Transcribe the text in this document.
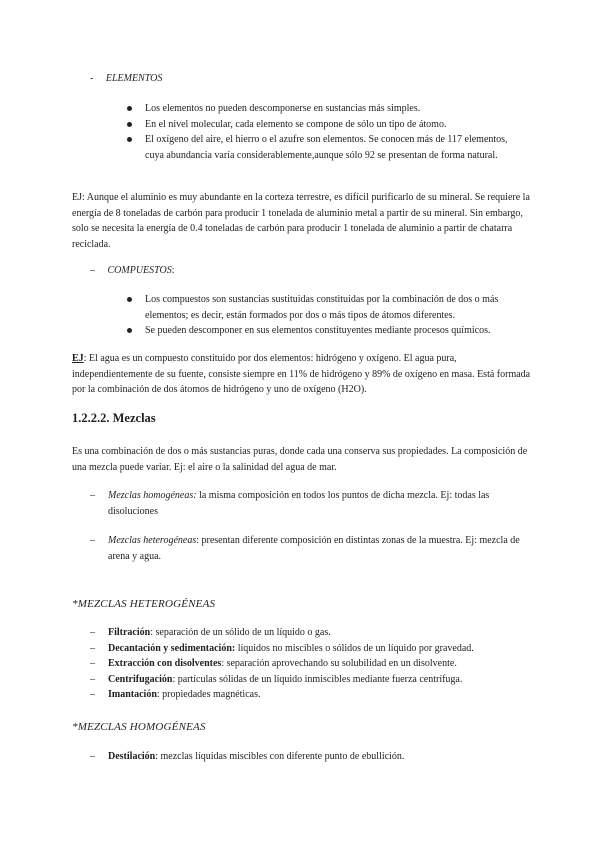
- ELEMENTOS
Los elementos no pueden descomponerse en sustancias más simples.
En el nivel molecular, cada elemento se compone de sólo un tipo de átomo.
El oxígeno del aire, el hierro o el azufre son elementos. Se conocen más de 117 elementos, cuya abundancia varía considerablemente,aunque sólo 92 se presentan de forma natural.

EJ: Aunque el aluminio es muy abundante en la corteza terrestre, es difícil purificarlo de su mineral. Se requiere la energía de 8 toneladas de carbón para producir 1 tonelada de aluminio metal a partir de su mineral. Sin embargo, solo se necesita la energía de 0.4 toneladas de carbón para producir 1 tonelada de aluminio a partir de chatarra reciclada.

– COMPUESTOS:
Los compuestos son sustancias sustituidas constituidas por la combinación de dos o más elementos; es decir, están formados por dos o más tipos de átomos diferentes.
Se pueden descomponer en sus elementos constituyentes mediante procesos químicos.

EJ: El agua es un compuesto constituido por dos elementos: hidrógeno y oxígeno. El agua pura, independientemente de su fuente, consiste siempre en 11% de hidrógeno y 89% de oxígeno en masa. Está formada por la combinación de dos átomos de hidrógeno y uno de oxígeno (H2O).

1.2.2.2. Mezclas

Es una combinación de dos o más sustancias puras, donde cada una conserva sus propiedades. La composición de una mezcla puede variar. Ej: el aire o la salinidad del agua de mar.

– Mezclas homogéneas: la misma composición en todos los puntos de dicha mezcla. Ej: todas las disoluciones
– Mezclas heterogéneas: presentan diferente composición en distintas zonas de la muestra. Ej: mezcla de arena y agua.
*MEZCLAS HETEROGÉNEAS
– Filtración: separación de un sólido de un líquido o gas.
– Decantación y sedimentación: líquidos no miscibles o sólidos de un líquido por gravedad.
– Extracción con disolventes: separación aprovechando su solubilidad en un disolvente.
– Centrifugación: partículas sólidas de un líquido inmiscibles mediante fuerza centrífuga.
– Imantación: propiedades magnéticas.
*MEZCLAS HOMOGÉNEAS
– Destilación: mezclas líquidas miscibles con diferente punto de ebullición.
